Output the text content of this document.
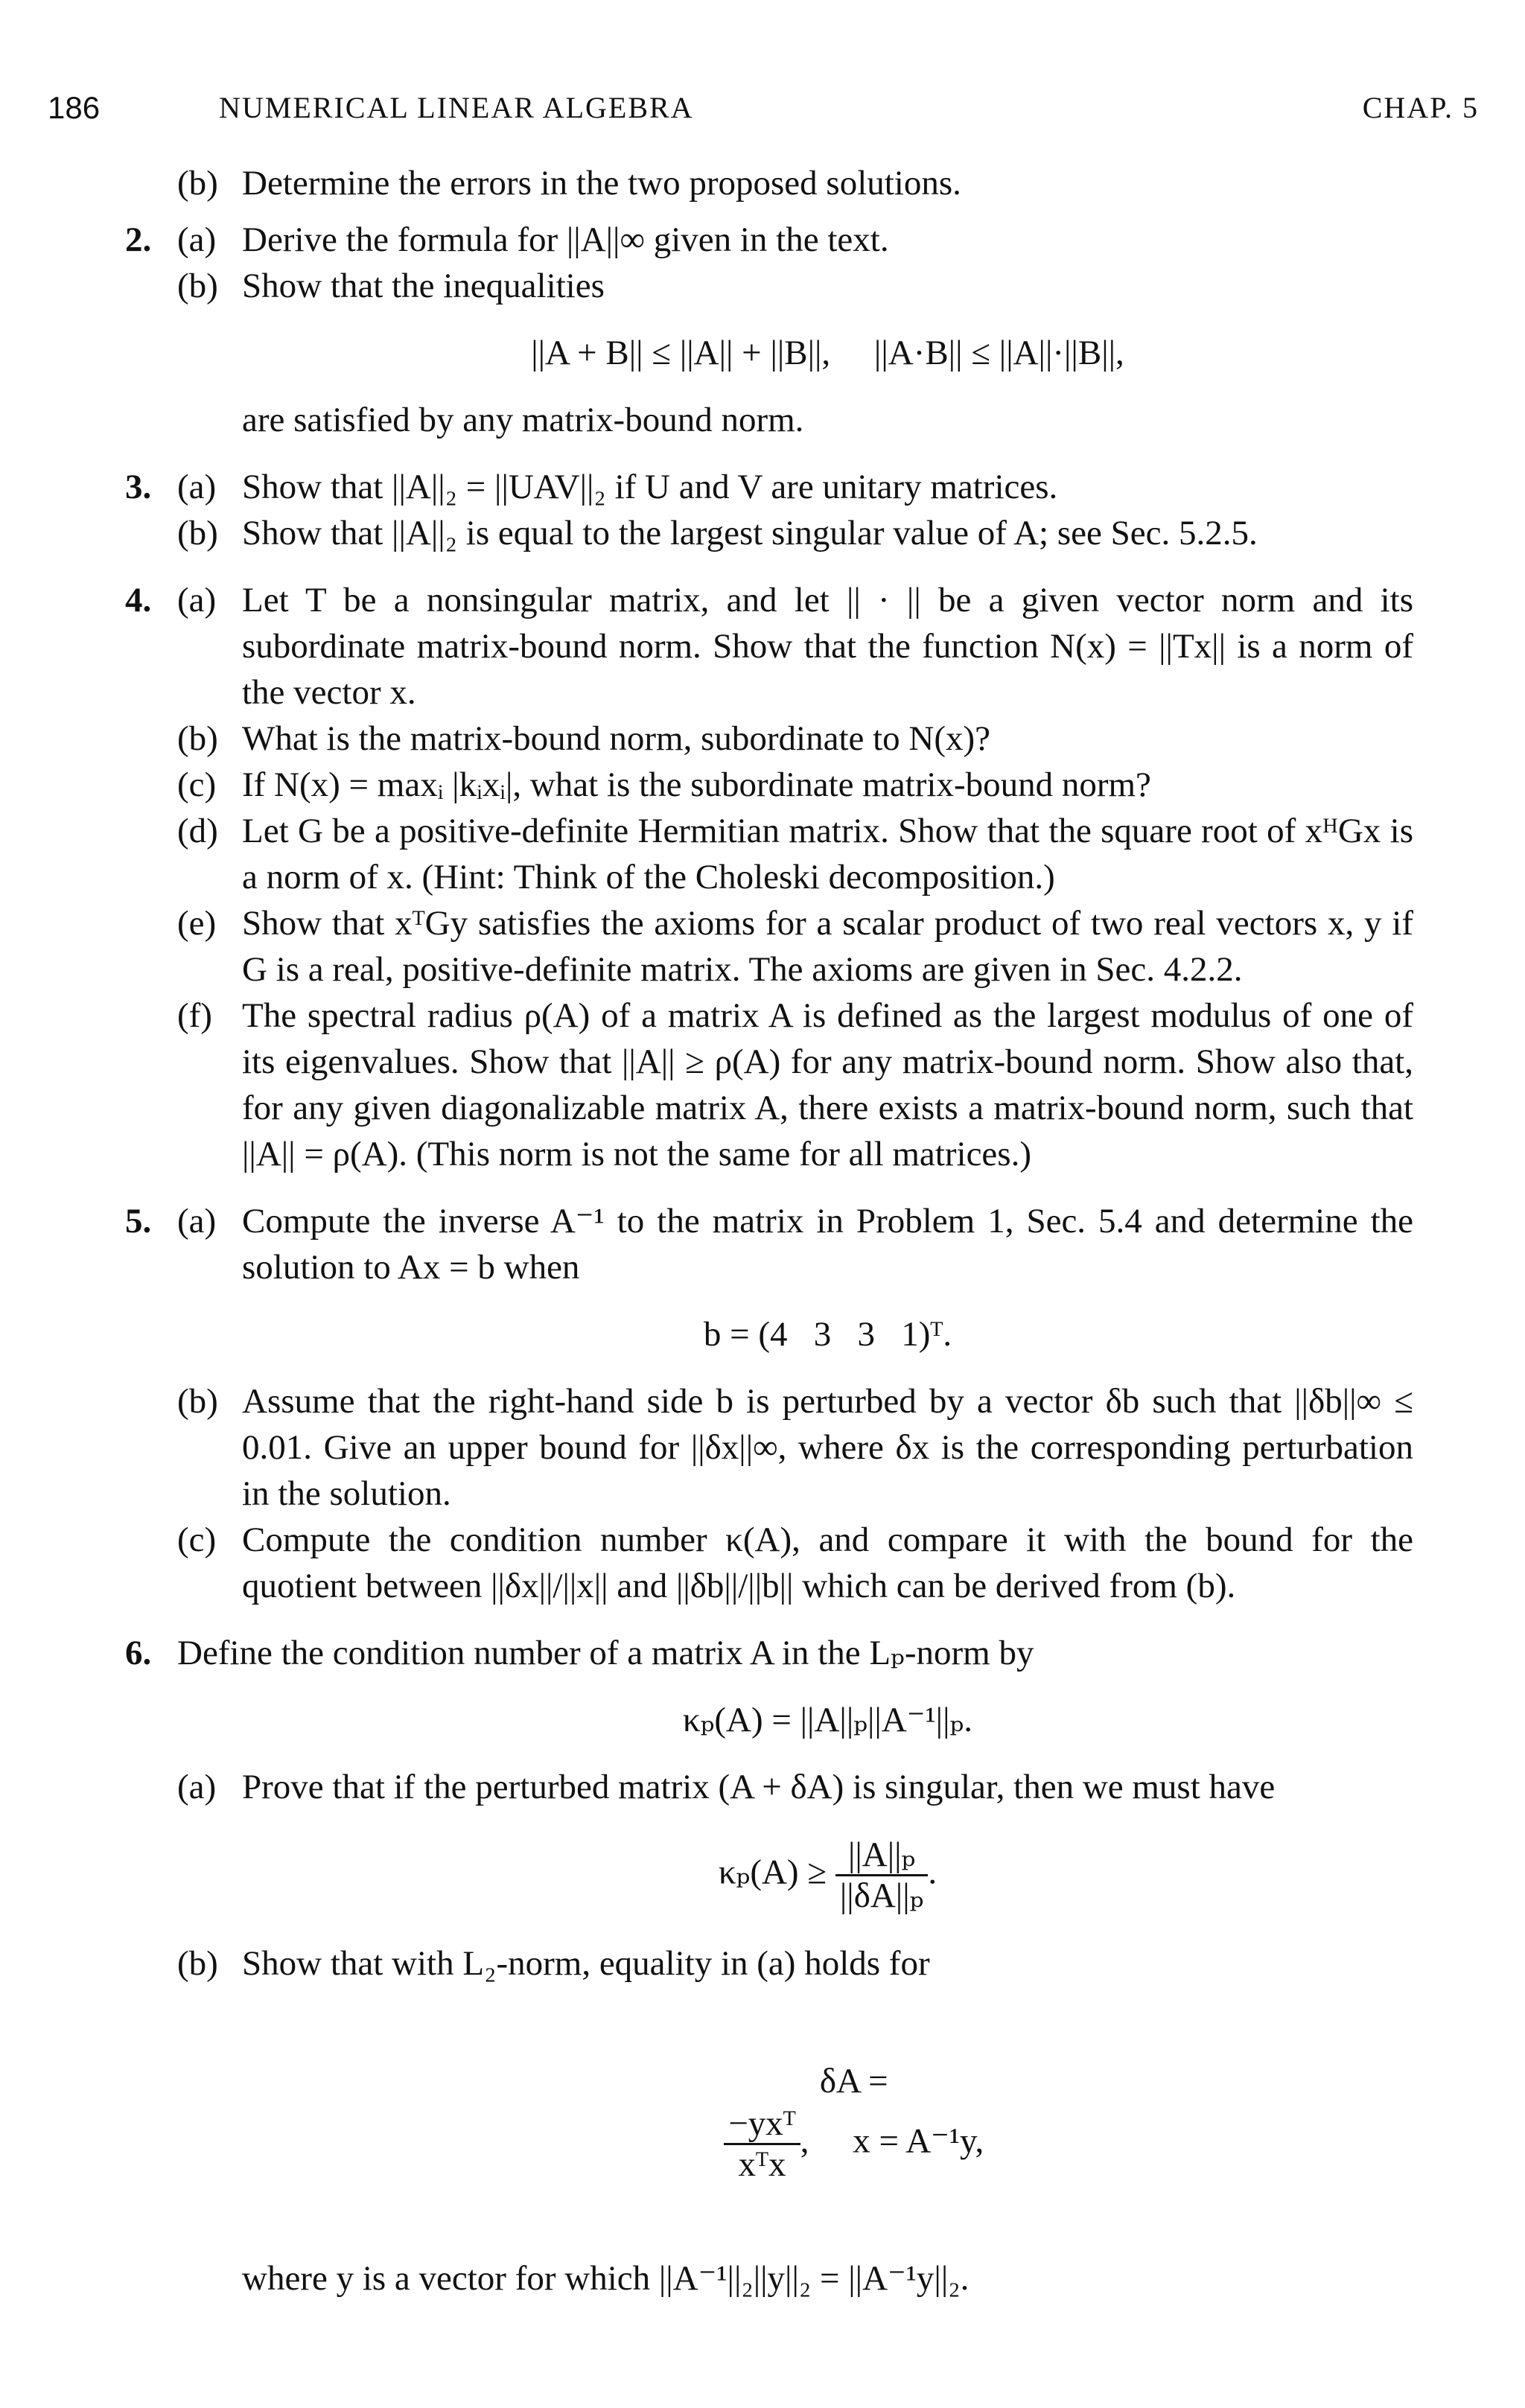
186	NUMERICAL LINEAR ALGEBRA	CHAP. 5
(b) Determine the errors in the two proposed solutions.
2. (a) Derive the formula for ||A||∞ given in the text.
(b) Show that the inequalities
||A + B|| ≤ ||A|| + ||B||,     ||A·B|| ≤ ||A||·||B||,
are satisfied by any matrix-bound norm.
3. (a) Show that ||A||₂ = ||UAV||₂ if U and V are unitary matrices.
(b) Show that ||A||₂ is equal to the largest singular value of A; see Sec. 5.2.5.
4. (a) Let T be a nonsingular matrix, and let || · || be a given vector norm and its subordinate matrix-bound norm. Show that the function N(x) = ||Tx|| is a norm of the vector x.
(b) What is the matrix-bound norm, subordinate to N(x)?
(c) If N(x) = maxᵢ |kᵢxᵢ|, what is the subordinate matrix-bound norm?
(d) Let G be a positive-definite Hermitian matrix. Show that the square root of xᴴGx is a norm of x. (Hint: Think of the Choleski decomposition.)
(e) Show that xᵀGy satisfies the axioms for a scalar product of two real vectors x, y if G is a real, positive-definite matrix. The axioms are given in Sec. 4.2.2.
(f) The spectral radius ρ(A) of a matrix A is defined as the largest modulus of one of its eigenvalues. Show that ||A|| ≥ ρ(A) for any matrix-bound norm. Show also that, for any given diagonalizable matrix A, there exists a matrix-bound norm, such that ||A|| = ρ(A). (This norm is not the same for all matrices.)
5. (a) Compute the inverse A⁻¹ to the matrix in Problem 1, Sec. 5.4 and determine the solution to Ax = b when
b = (4   3   3   1)ᵀ.
(b) Assume that the right-hand side b is perturbed by a vector δb such that ||δb||∞ ≤ 0.01. Give an upper bound for ||δx||∞, where δx is the corresponding perturbation in the solution.
(c) Compute the condition number κ(A), and compare it with the bound for the quotient between ||δx||/||x|| and ||δb||/||b|| which can be derived from (b).
6. Define the condition number of a matrix A in the Lₚ-norm by
κₚ(A) = ||A||ₚ||A⁻¹||ₚ.
(a) Prove that if the perturbed matrix (A + δA) is singular, then we must have
$\kappa_p(A) \ge \frac{\text{||A||ₚ}}{\text{||δA||ₚ}}$ .
(b) Show that with L₂-norm, equality in (a) holds for

δA =

$\frac{\text{−yxᵀ}}{\text{xᵀx}}$ ,     x = A⁻¹y,

where y is a vector for which ||A⁻¹||₂||y||₂ = ||A⁻¹y||₂.
